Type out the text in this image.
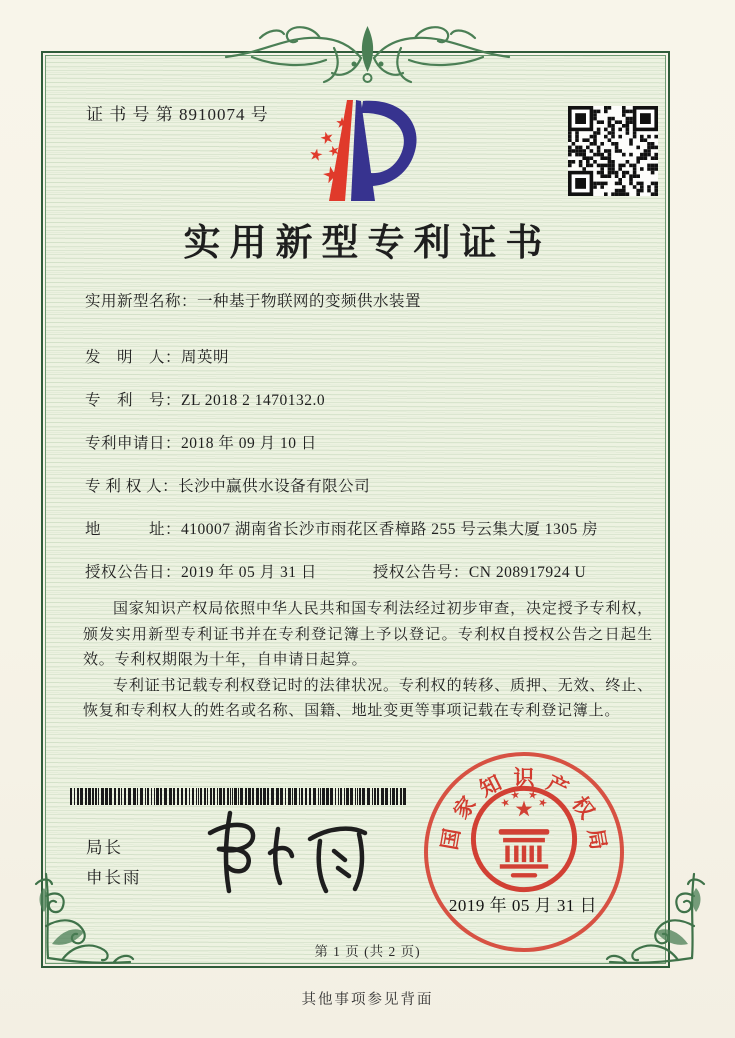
证 书 号 第 8910074 号
实用新型专利证书
实用新型名称：一种基于物联网的变频供水装置
发　明　人：周英明
专　利　号：ZL 2018 2 1470132.0
专利申请日：2018 年 09 月 10 日
专 利 权 人：长沙中赢供水设备有限公司
地　　　址：410007 湖南省长沙市雨花区香樟路 255 号云集大厦 1305 房
授权公告日：2019 年 05 月 31 日	授权公告号：CN 208917924 U

国家知识产权局依照中华人民共和国专利法经过初步审查，决定授予专利权，颁发实用新型专利证书并在专利登记簿上予以登记。专利权自授权公告之日起生效。专利权期限为十年，自申请日起算。

专利证书记载专利权登记时的法律状况。专利权的转移、质押、无效、终止、恢复和专利权人的姓名或名称、国籍、地址变更等事项记载在专利登记簿上。

局长
申长雨
国
家
知 识 产
权
局
2019 年 05 月 31 日
第 1 页 (共 2 页)
其他事项参见背面
